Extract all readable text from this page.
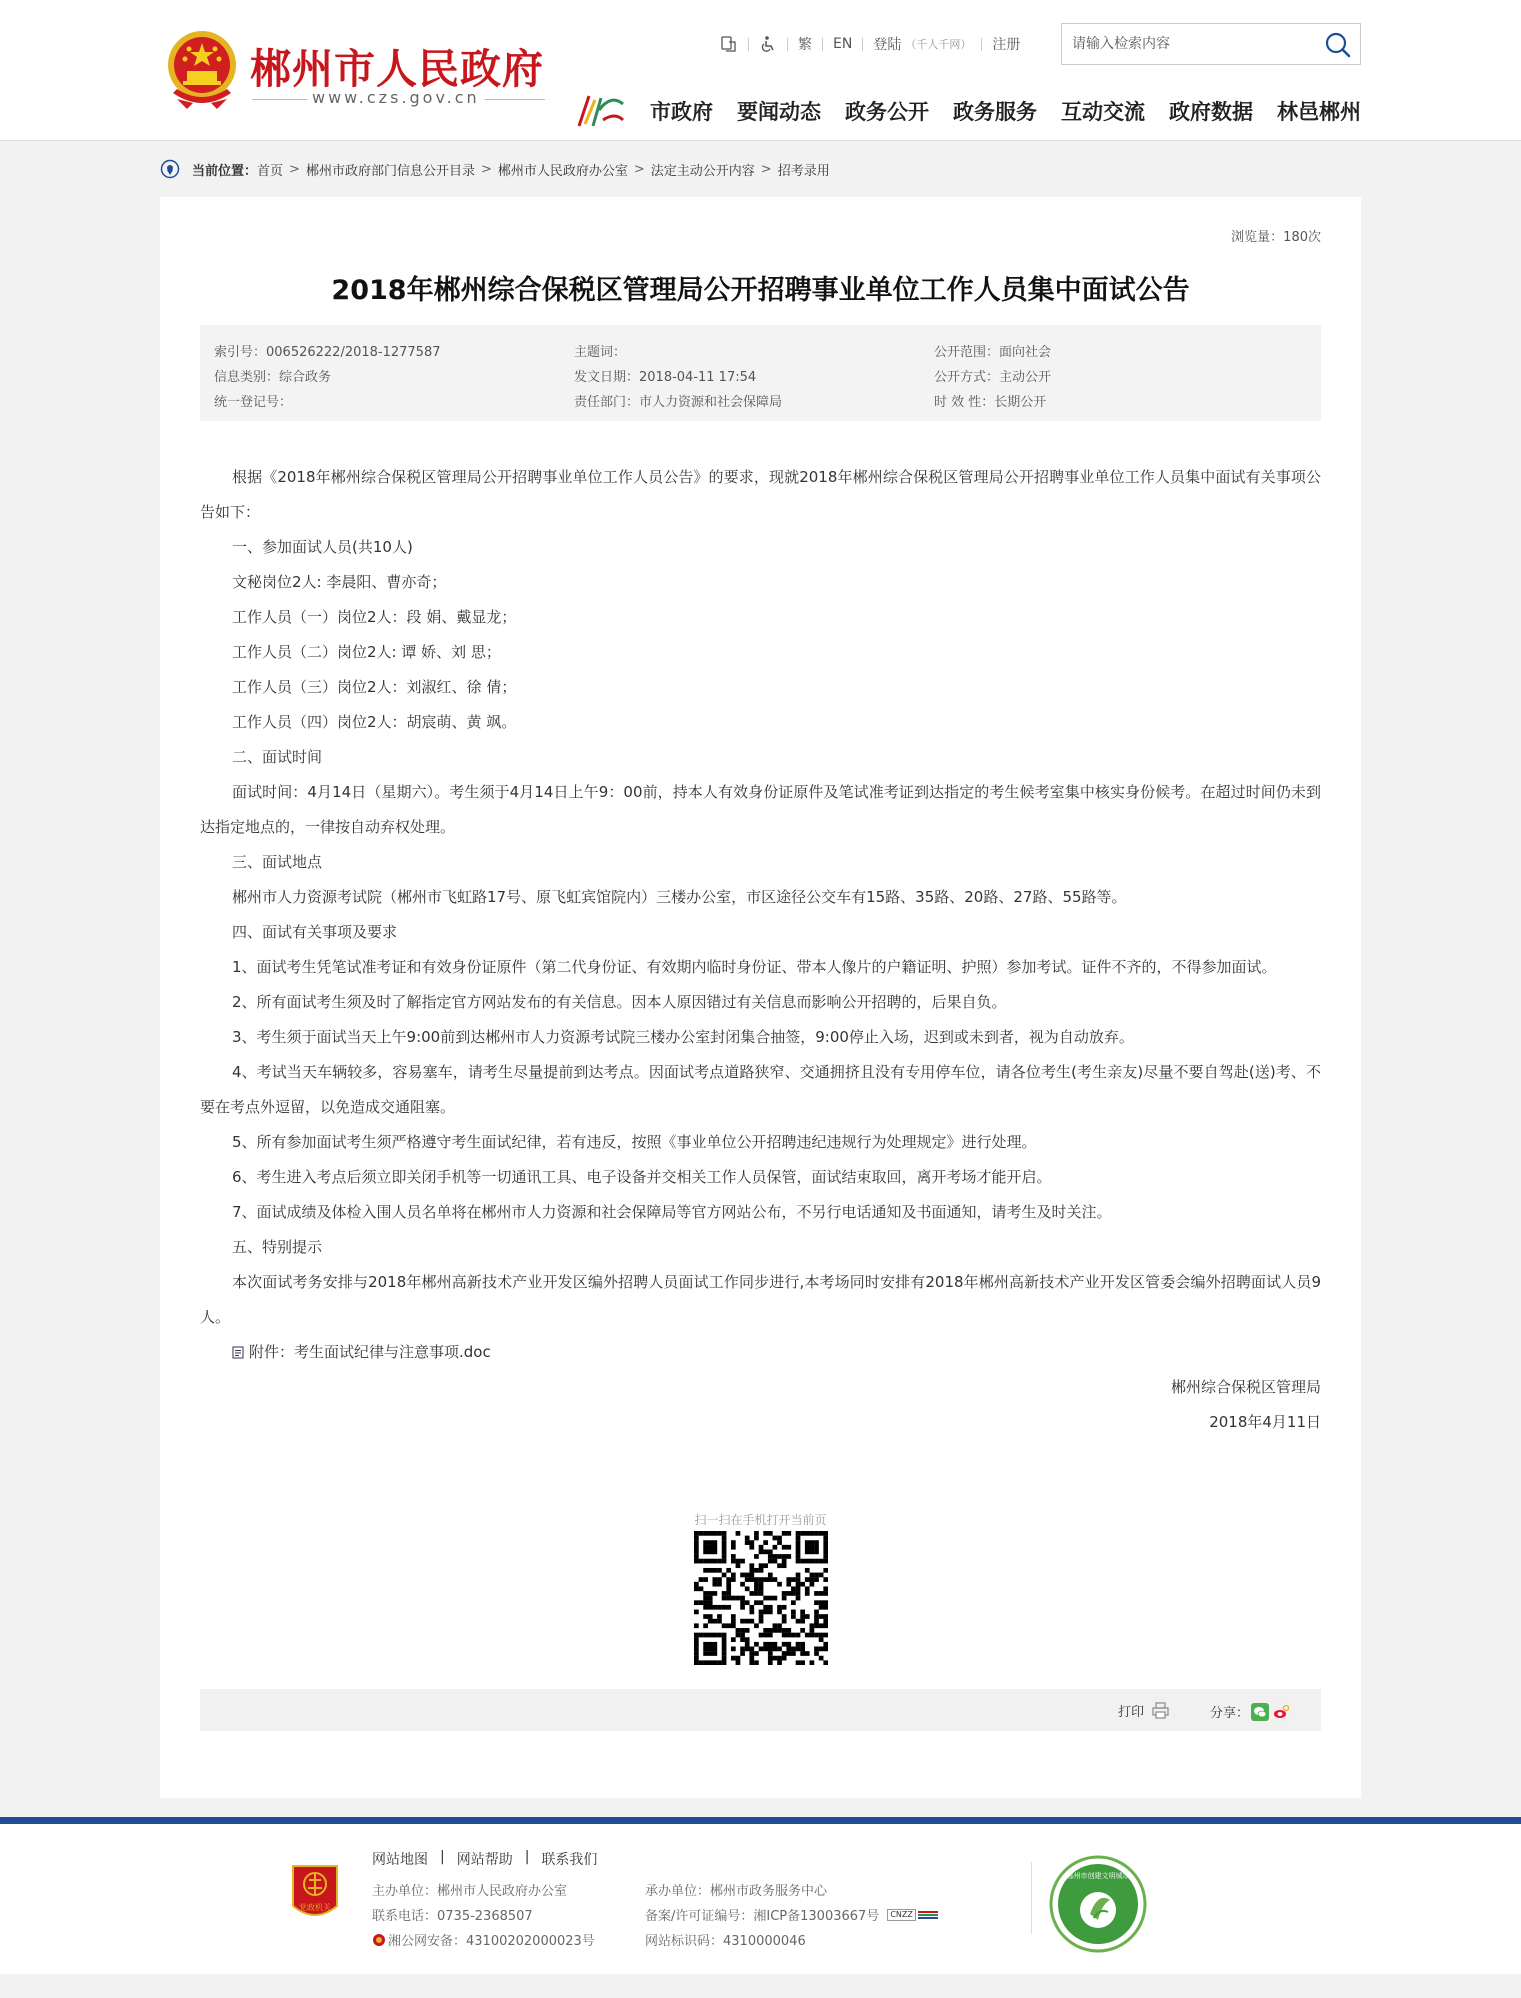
郴州市人民政府
www.czs.gov.cn
繁 EN 登陆 （千人千网） 注册
请输入检索内容
市政府 要闻动态 政务公开 政务服务 互动交流 政府数据 林邑郴州
当前位置： 首页 > 郴州市政府部门信息公开目录 > 郴州市人民政府办公室 > 法定主动公开内容 > 招考录用
浏览量：180次
2018年郴州综合保税区管理局公开招聘事业单位工作人员集中面试公告
索引号：006526222/2018-1277587
信息类别：综合政务
统一登记号：
主题词：
发文日期：2018-04-11 17:54
责任部门：市人力资源和社会保障局
公开范围：面向社会
公开方式：主动公开
时 效 性：长期公开

根据《2018年郴州综合保税区管理局公开招聘事业单位工作人员公告》的要求，现就2018年郴州综合保税区管理局公开招聘事业单位工作人员集中面试有关事项公告如下：

一、参加面试人员(共10人)

文秘岗位2人: 李晨阳、曹亦奇；

工作人员（一）岗位2人：段 娟、戴显龙；

工作人员（二）岗位2人: 谭 娇、刘 思；

工作人员（三）岗位2人：刘淑红、徐 倩；

工作人员（四）岗位2人：胡宸萌、黄 飒。

二、面试时间

面试时间：4月14日（星期六）。考生须于4月14日上午9：00前，持本人有效身份证原件及笔试准考证到达指定的考生候考室集中核实身份候考。在超过时间仍未到达指定地点的，一律按自动弃权处理。

三、面试地点

郴州市人力资源考试院（郴州市飞虹路17号、原飞虹宾馆院内）三楼办公室，市区途径公交车有15路、35路、20路、27路、55路等。

四、面试有关事项及要求

1、面试考生凭笔试准考证和有效身份证原件（第二代身份证、有效期内临时身份证、带本人像片的户籍证明、护照）参加考试。证件不齐的，不得参加面试。

2、所有面试考生须及时了解指定官方网站发布的有关信息。因本人原因错过有关信息而影响公开招聘的，后果自负。

3、考生须于面试当天上午9:00前到达郴州市人力资源考试院三楼办公室封闭集合抽签，9:00停止入场，迟到或未到者，视为自动放弃。

4、考试当天车辆较多，容易塞车，请考生尽量提前到达考点。因面试考点道路狭窄、交通拥挤且没有专用停车位，请各位考生(考生亲友)尽量不要自驾赴(送)考、不要在考点外逗留，以免造成交通阻塞。

5、所有参加面试考生须严格遵守考生面试纪律，若有违反，按照《事业单位公开招聘违纪违规行为处理规定》进行处理。

6、考生进入考点后须立即关闭手机等一切通讯工具、电子设备并交相关工作人员保管，面试结束取回，离开考场才能开启。

7、面试成绩及体检入围人员名单将在郴州市人力资源和社会保障局等官方网站公布，不另行电话通知及书面通知，请考生及时关注。

五、特别提示

本次面试考务安排与2018年郴州高新技术产业开发区编外招聘人员面试工作同步进行,本考场同时安排有2018年郴州高新技术产业开发区管委会编外招聘面试人员9人。

附件：考生面试纪律与注意事项.doc
郴州综合保税区管理局
2018年4月11日
扫一扫在手机打开当前页
打印	分享：
党政机关
网站地图 | 网站帮助 | 联系我们
主办单位：郴州市人民政府办公室
联系电话：0735-2368507
湘公网安备：43100202000023号
承办单位：郴州市政务服务中心
备案/许可证编号：湘ICP备13003667号	CNZZ
网站标识码：4310000046
郴州市创建文明城市
